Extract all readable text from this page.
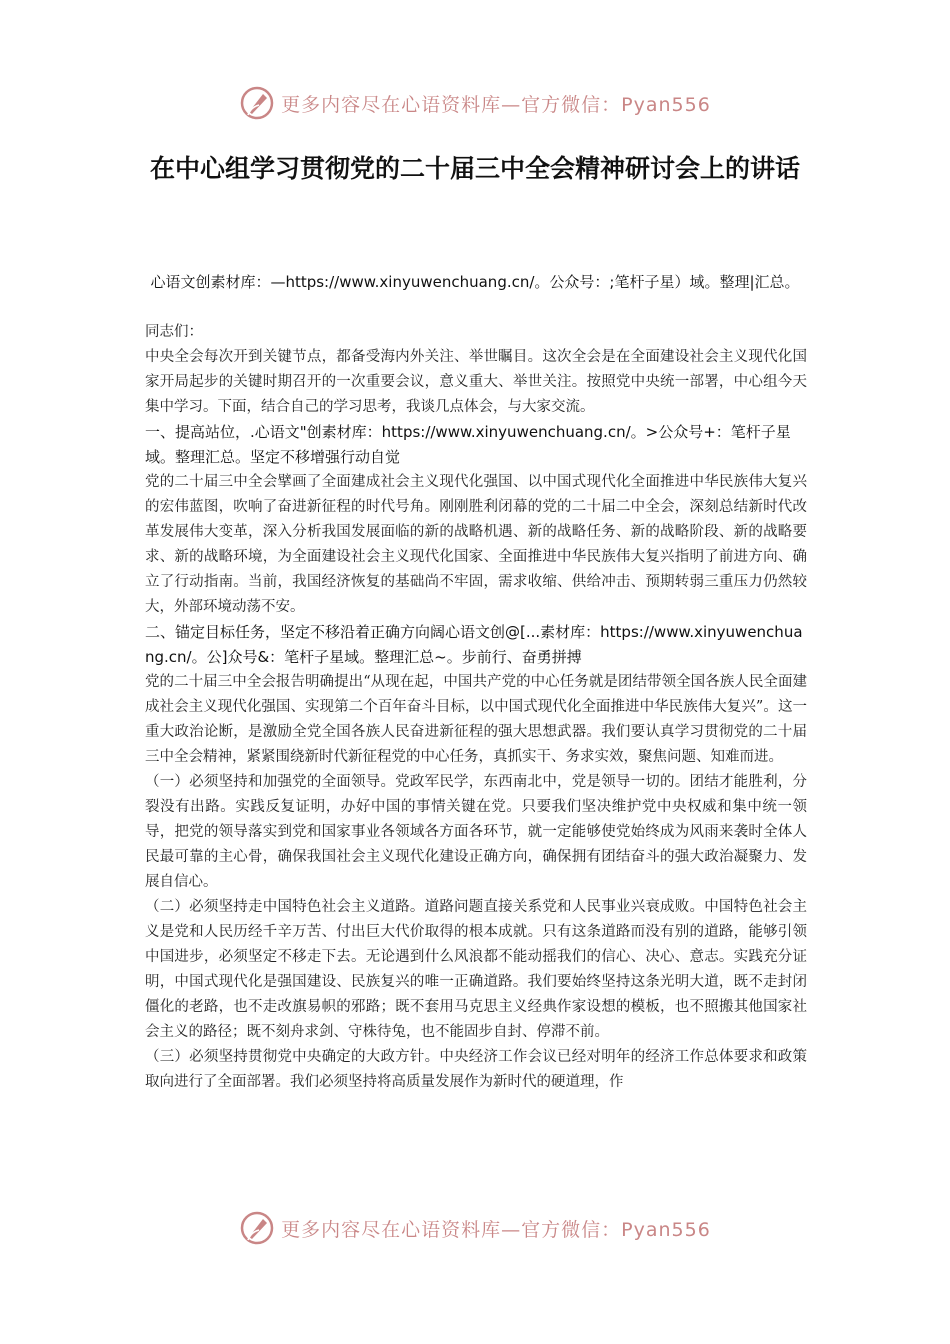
更多内容尽在心语资料库—官方微信：Pyan556
在中心组学习贯彻党的二十届三中全会精神研讨会上的讲话
心语文创素材库：—https://www.xinyuwenchuang.cn/。公众号：;笔杆子星）域。整理|汇总。

同志们：

中央全会每次开到关键节点，都备受海内外关注、举世瞩目。这次全会是在全面建设社会主义现代化国家开局起步的关键时期召开的一次重要会议，意义重大、举世关注。按照党中央统一部署，中心组今天集中学习。下面，结合自己的学习思考，我谈几点体会，与大家交流。

一、提高站位，.心语文"创素材库：https://www.xinyuwenchuang.cn/。>公众号+：笔杆子星域。整理汇总。坚定不移增强行动自觉

党的二十届三中全会擘画了全面建成社会主义现代化强国、以中国式现代化全面推进中华民族伟大复兴的宏伟蓝图，吹响了奋进新征程的时代号角。刚刚胜利闭幕的党的二十届二中全会，深刻总结新时代改革发展伟大变革，深入分析我国发展面临的新的战略机遇、新的战略任务、新的战略阶段、新的战略要求、新的战略环境，为全面建设社会主义现代化国家、全面推进中华民族伟大复兴指明了前进方向、确立了行动指南。当前，我国经济恢复的基础尚不牢固，需求收缩、供给冲击、预期转弱三重压力仍然较大，外部环境动荡不安。

二、锚定目标任务，坚定不移沿着正确方向阔心语文创@[...素材库：https://www.xinyuwenchuang.cn/。公]众号&：笔杆子星域。整理汇总~。步前行、奋勇拼搏

党的二十届三中全会报告明确提出“从现在起，中国共产党的中心任务就是团结带领全国各族人民全面建成社会主义现代化强国、实现第二个百年奋斗目标，以中国式现代化全面推进中华民族伟大复兴”。这一重大政治论断，是激励全党全国各族人民奋进新征程的强大思想武器。我们要认真学习贯彻党的二十届三中全会精神，紧紧围绕新时代新征程党的中心任务，真抓实干、务求实效，聚焦问题、知难而进。

（一）必须坚持和加强党的全面领导。党政军民学，东西南北中，党是领导一切的。团结才能胜利，分裂没有出路。实践反复证明，办好中国的事情关键在党。只要我们坚决维护党中央权威和集中统一领导，把党的领导落实到党和国家事业各领域各方面各环节，就一定能够使党始终成为风雨来袭时全体人民最可靠的主心骨，确保我国社会主义现代化建设正确方向，确保拥有团结奋斗的强大政治凝聚力、发展自信心。

（二）必须坚持走中国特色社会主义道路。道路问题直接关系党和人民事业兴衰成败。中国特色社会主义是党和人民历经千辛万苦、付出巨大代价取得的根本成就。只有这条道路而没有别的道路，能够引领中国进步，必须坚定不移走下去。无论遇到什么风浪都不能动摇我们的信心、决心、意志。实践充分证明，中国式现代化是强国建设、民族复兴的唯一正确道路。我们要始终坚持这条光明大道，既不走封闭僵化的老路，也不走改旗易帜的邪路；既不套用马克思主义经典作家设想的模板，也不照搬其他国家社会主义的路径；既不刻舟求剑、守株待兔，也不能固步自封、停滞不前。

（三）必须坚持贯彻党中央确定的大政方针。中央经济工作会议已经对明年的经济工作总体要求和政策取向进行了全面部署。我们必须坚持将高质量发展作为新时代的硬道理，作

更多内容尽在心语资料库—官方微信：Pyan556
